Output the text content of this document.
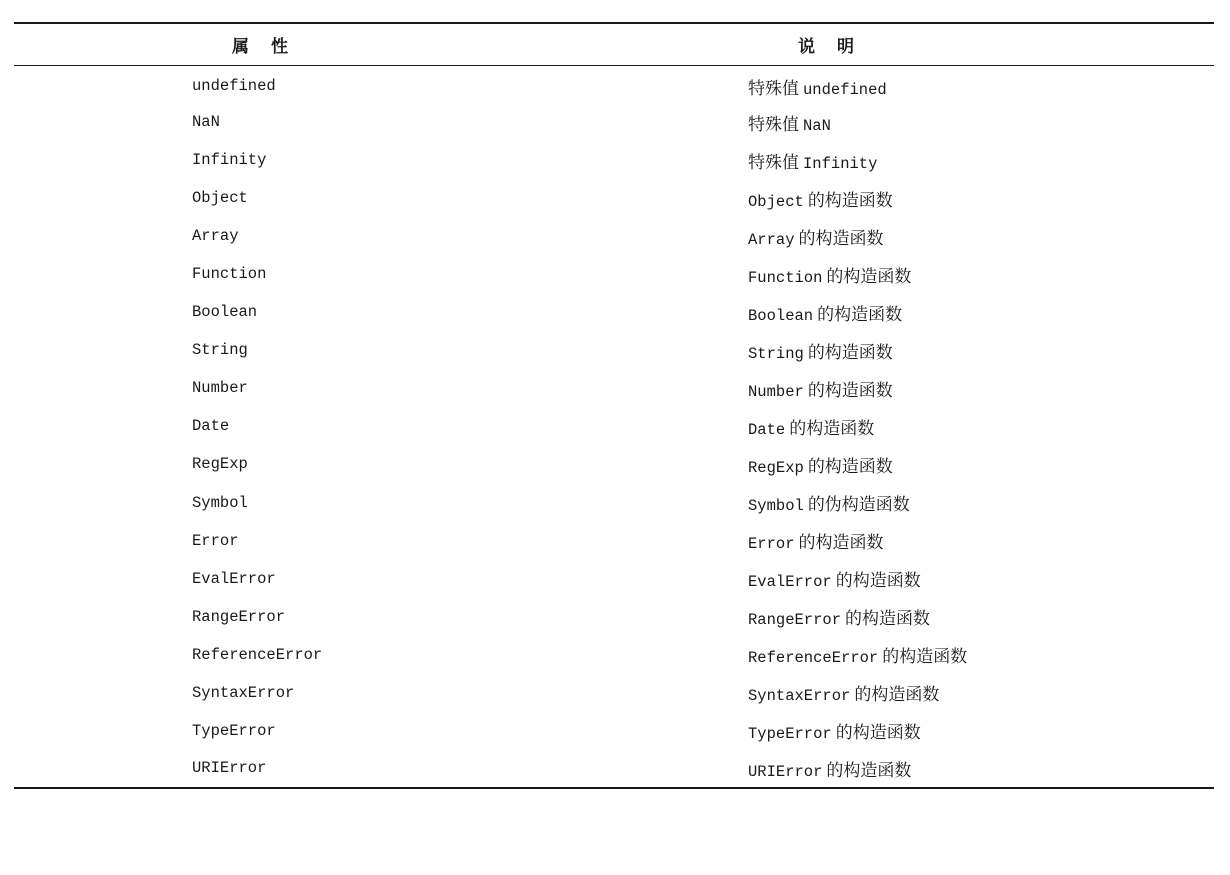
属性	说明
undefined	特殊值 undefined
NaN	特殊值 NaN
Infinity	特殊值 Infinity
Object	Object 的构造函数
Array	Array 的构造函数
Function	Function 的构造函数
Boolean	Boolean 的构造函数
String	String 的构造函数
Number	Number 的构造函数
Date	Date 的构造函数
RegExp	RegExp 的构造函数
Symbol	Symbol 的伪构造函数
Error	Error 的构造函数
EvalError	EvalError 的构造函数
RangeError	RangeError 的构造函数
ReferenceError	ReferenceError 的构造函数
SyntaxError	SyntaxError 的构造函数
TypeError	TypeError 的构造函数
URIError	URIError 的构造函数
